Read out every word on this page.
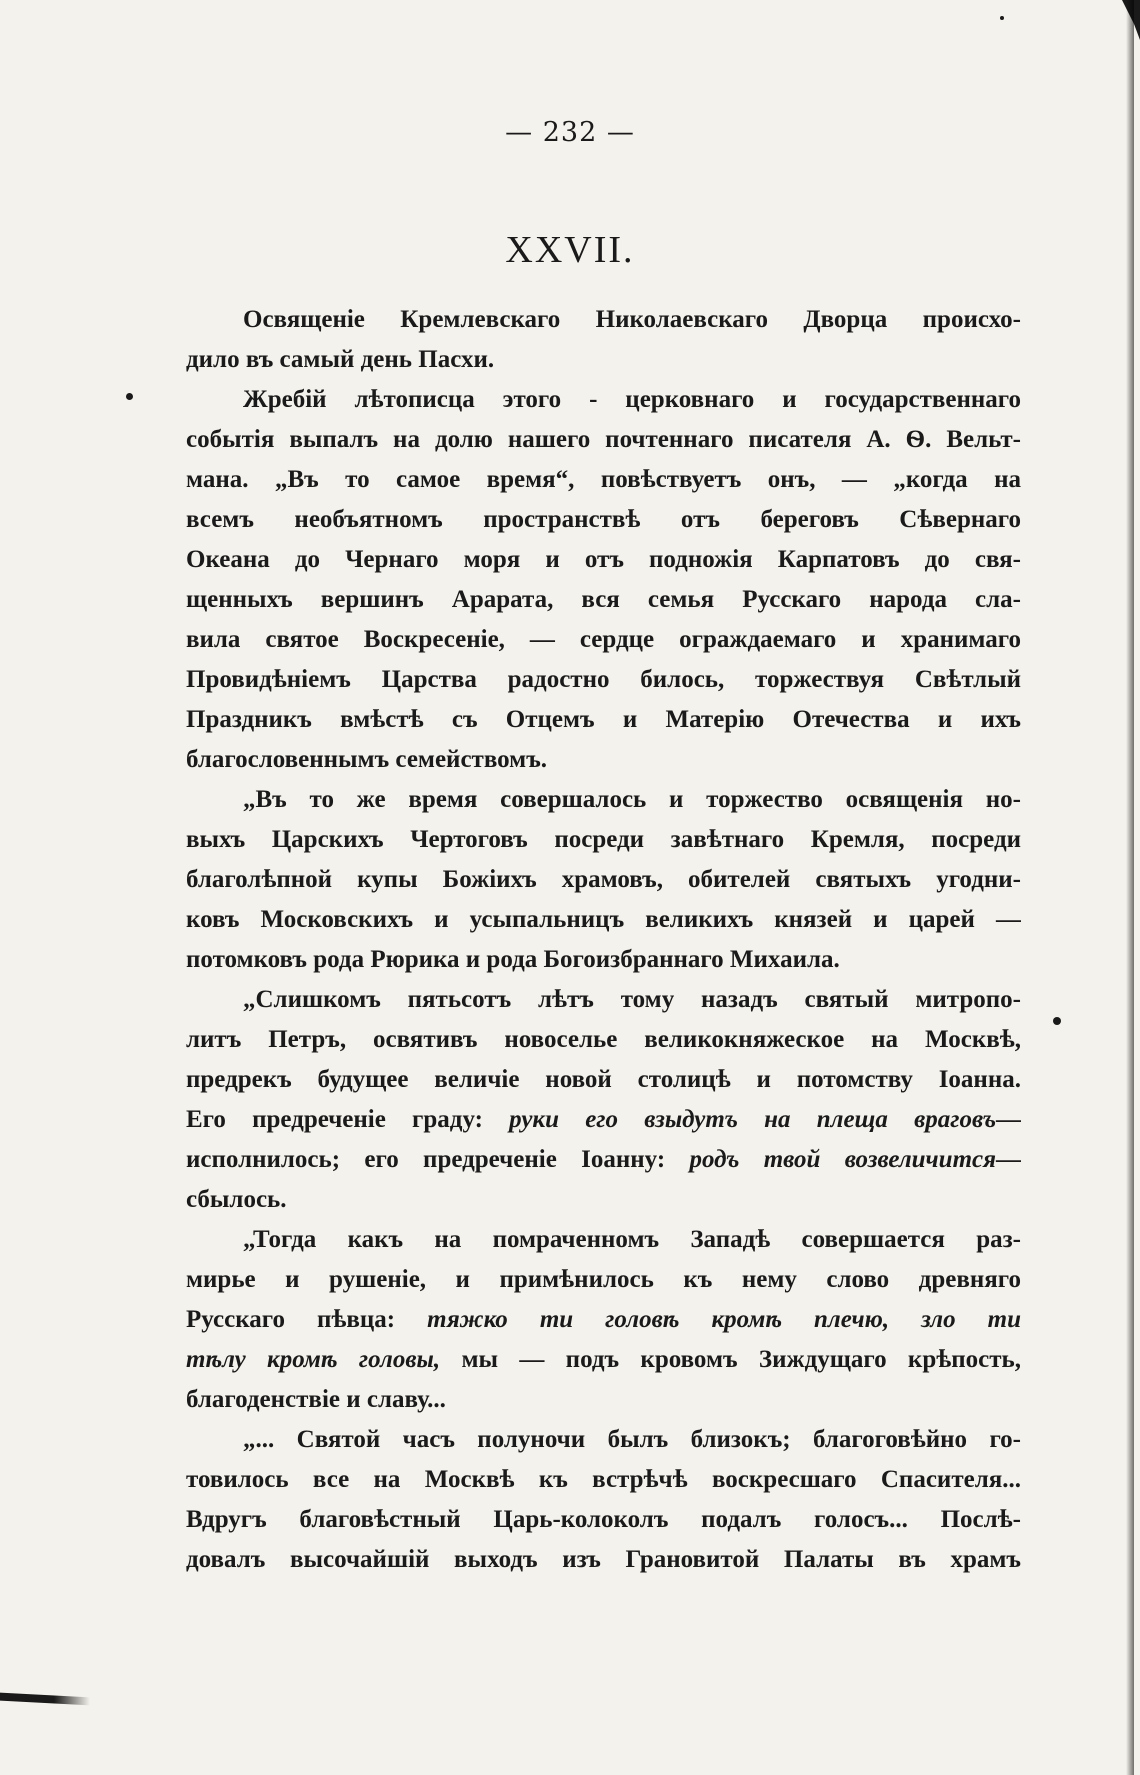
— 232 —
XXVII.
Освященіе Кремлевскаго Николаевскаго Дворца происхо-
дило въ самый день Пасхи.
Жребій лѣтописца этого - церковнаго и государственнаго
событія выпалъ на долю нашего почтеннаго писателя А. Ѳ. Вельт-
мана. „Въ то самое время“, повѣствуетъ онъ, — „когда на
всемъ необъятномъ пространствѣ отъ береговъ Сѣвернаго
Океана до Чернаго моря и отъ подножія Карпатовъ до свя-
щенныхъ вершинъ Арарата, вся семья Русскаго народа сла-
вила святое Воскресеніе, — сердце ограждаемаго и хранимаго
Провидѣніемъ Царства радостно билось, торжествуя Свѣтлый
Праздникъ вмѣстѣ съ Отцемъ и Матерію Отечества и ихъ
благословеннымъ семействомъ.
„Въ то же время совершалось и торжество освященія но-
выхъ Царскихъ Чертоговъ посреди завѣтнаго Кремля, посреди
благолѣпной купы Божіихъ храмовъ, обителей святыхъ угодни-
ковъ Московскихъ и усыпальницъ великихъ князей и царей —
потомковъ рода Рюрика и рода Богоизбраннаго Михаила.
„Слишкомъ пятьсотъ лѣтъ тому назадъ святый митропо-
литъ Петръ, освятивъ новоселье великокняжеское на Москвѣ,
предрекъ будущее величіе новой столицѣ и потомству Іоанна.
Его предреченіе граду: руки его взыдутъ на плеща враговъ—
исполнилось; его предреченіе Іоанну: родъ твой возвеличится—
сбылось.
„Тогда какъ на помраченномъ Западѣ совершается раз-
мирье и рушеніе, и примѣнилось къ нему слово древняго
Русскаго пѣвца: тяжко ти головѣ кромѣ плечю, зло ти
тѣлу кромѣ головы, мы — подъ кровомъ Зиждущаго крѣпость,
благоденствіе и славу...
„... Святой часъ полуночи былъ близокъ; благоговѣйно го-
товилось все на Москвѣ къ встрѣчѣ воскресшаго Спасителя...
Вдругъ благовѣстный Царь-колоколъ подалъ голосъ... Послѣ-
довалъ высочайшій выходъ изъ Грановитой Палаты въ храмъ
